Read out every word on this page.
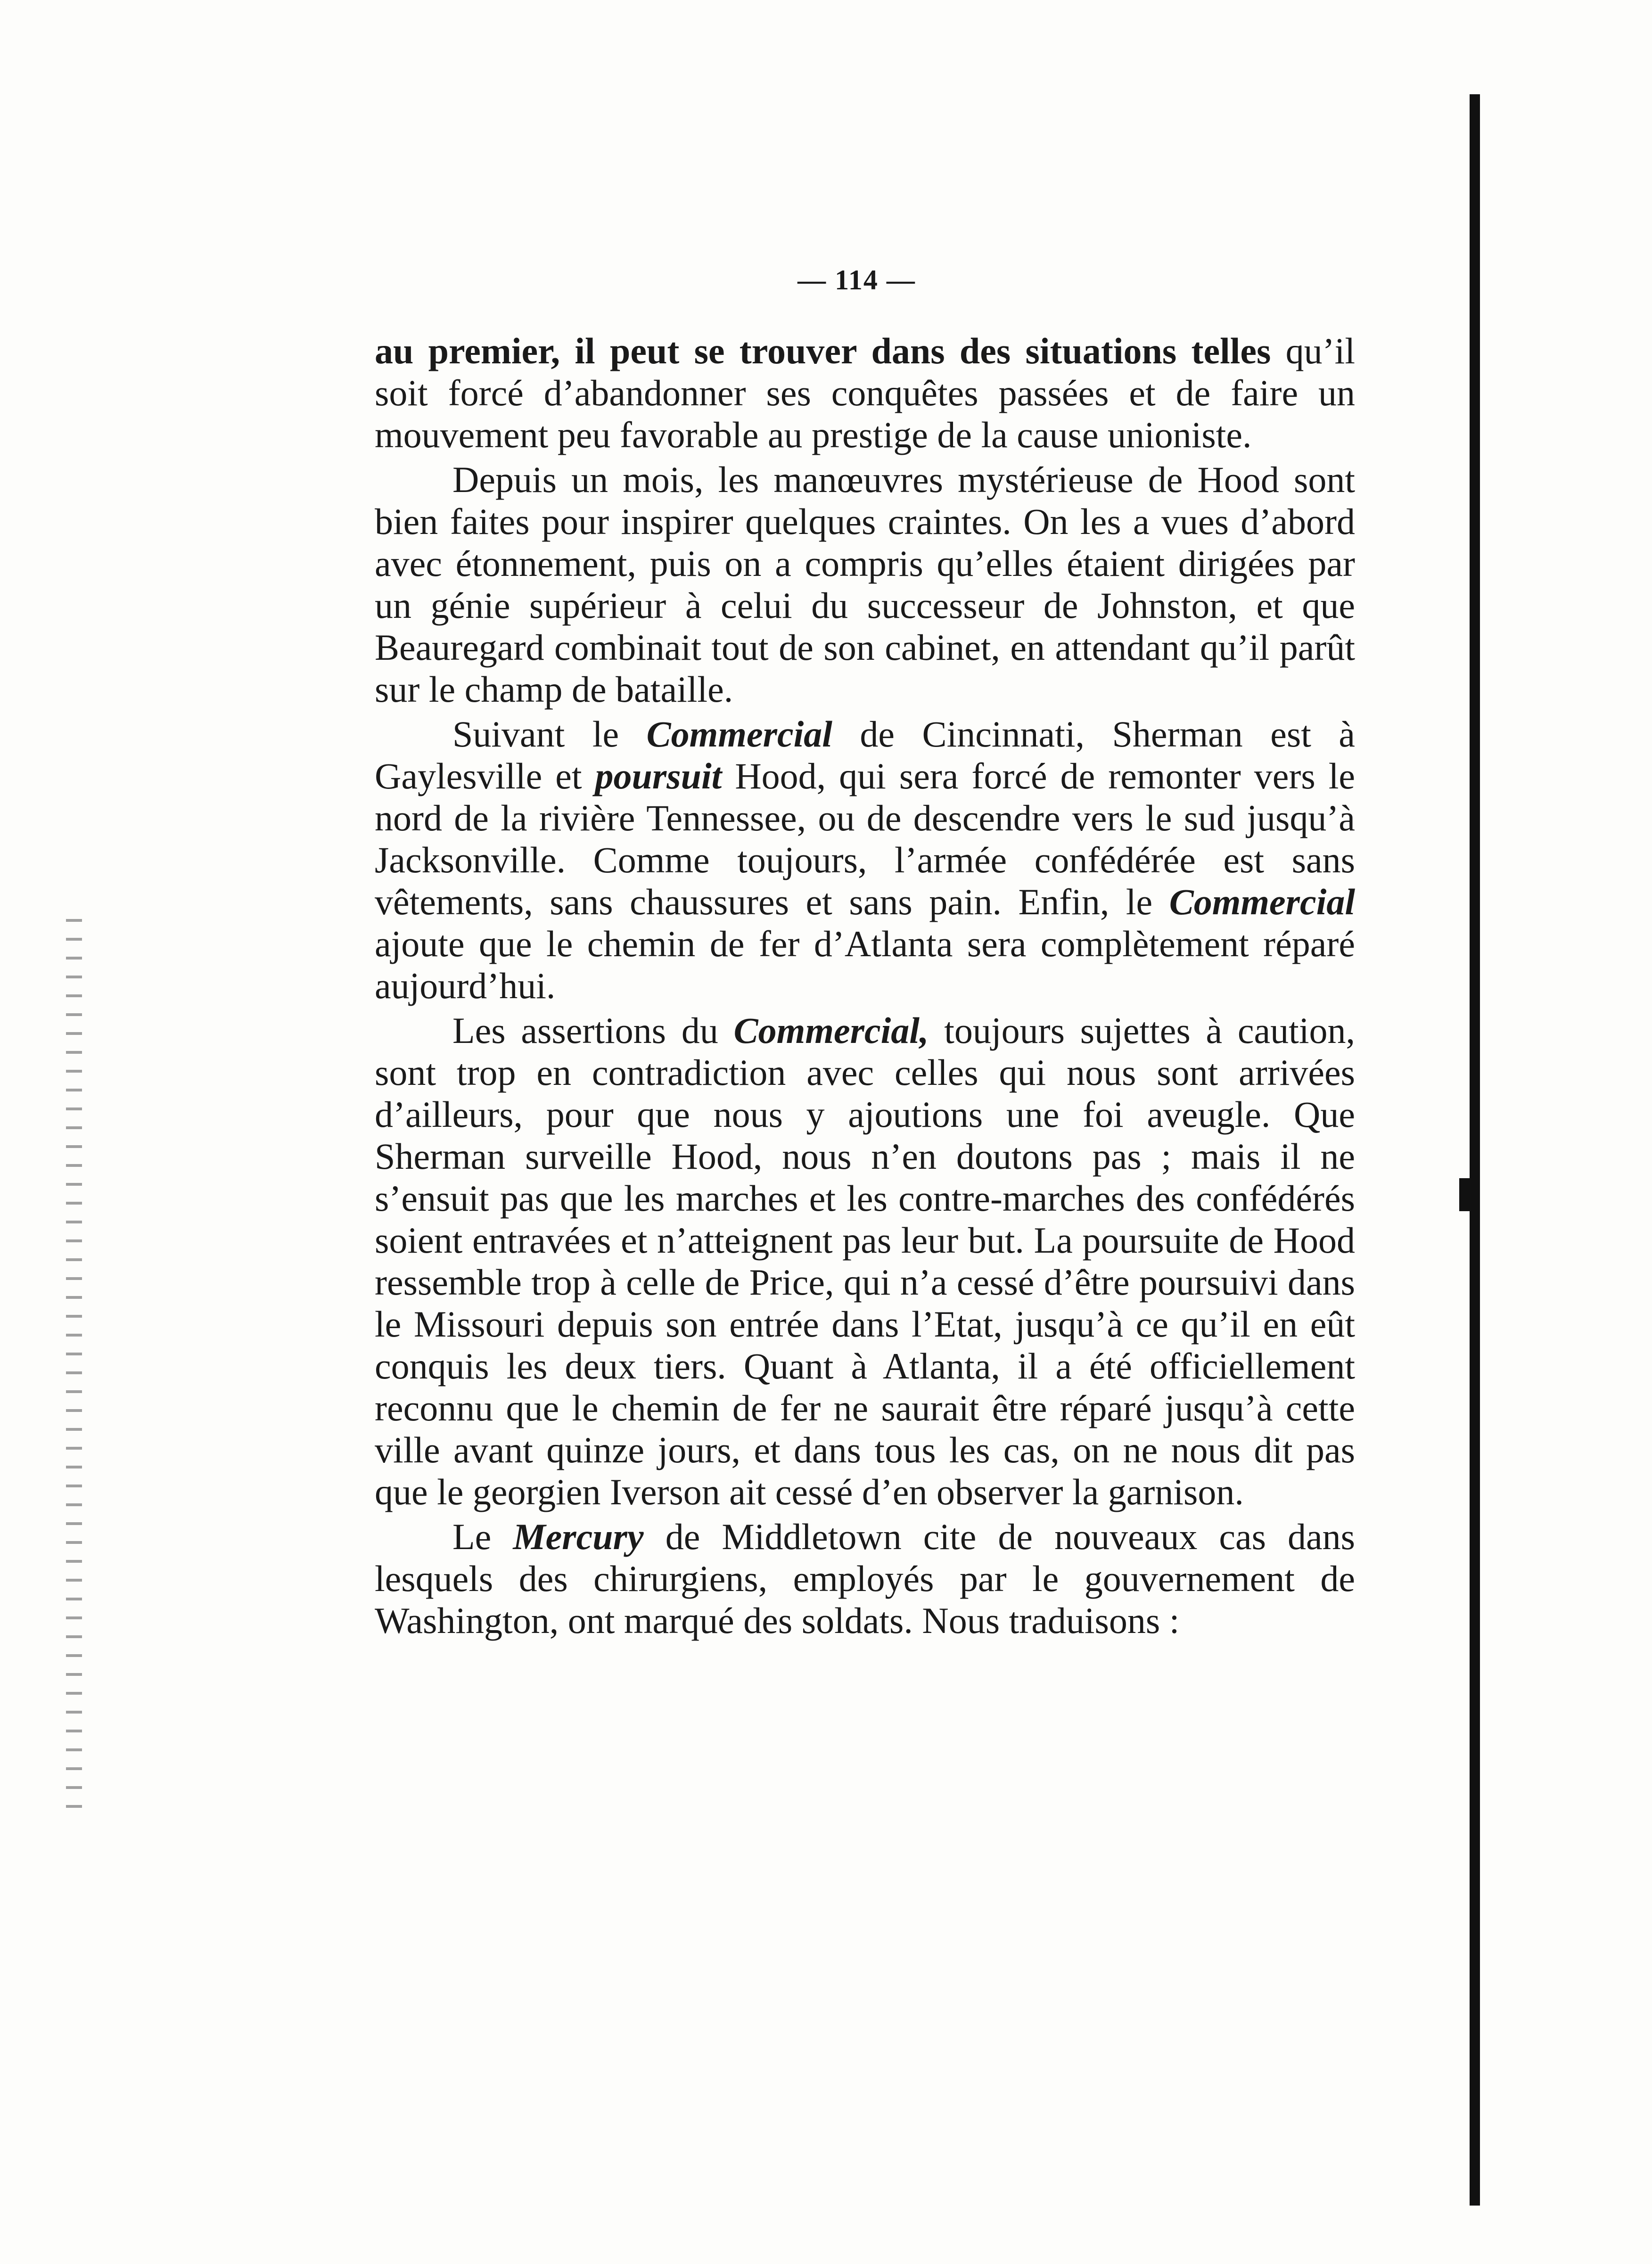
— 114 —

au premier, il peut se trouver dans des situations telles qu’il soit forcé d’abandonner ses conquêtes passées et de faire un mouvement peu favorable au prestige de la cause unioniste.

Depuis un mois, les manœuvres mystérieuse de Hood sont bien faites pour inspirer quelques craintes. On les a vues d’abord avec étonnement, puis on a compris qu’elles étaient dirigées par un génie supérieur à celui du successeur de Johnston, et que Beauregard combinait tout de son cabinet, en attendant qu’il parût sur le champ de bataille.

Suivant le Commercial de Cincinnati, Sherman est à Gaylesville et poursuit Hood, qui sera forcé de remonter vers le nord de la rivière Tennessee, ou de descendre vers le sud jusqu’à Jacksonville. Comme toujours, l’armée confédérée est sans vêtements, sans chaussures et sans pain. Enfin, le Commercial ajoute que le chemin de fer d’Atlanta sera complètement réparé aujourd’hui.

Les assertions du Commercial, toujours sujettes à caution, sont trop en contradiction avec celles qui nous sont arrivées d’ailleurs, pour que nous y ajoutions une foi aveugle. Que Sherman surveille Hood, nous n’en doutons pas ; mais il ne s’ensuit pas que les marches et les contre-marches des confédérés soient entravées et n’atteignent pas leur but. La poursuite de Hood ressemble trop à celle de Price, qui n’a cessé d’être poursuivi dans le Missouri depuis son entrée dans l’Etat, jusqu’à ce qu’il en eût conquis les deux tiers. Quant à Atlanta, il a été officiellement reconnu que le chemin de fer ne saurait être réparé jusqu’à cette ville avant quinze jours, et dans tous les cas, on ne nous dit pas que le georgien Iverson ait cessé d’en observer la garnison.

Le Mercury de Middletown cite de nouveaux cas dans lesquels des chirurgiens, employés par le gouvernement de Washington, ont marqué des soldats. Nous traduisons :
